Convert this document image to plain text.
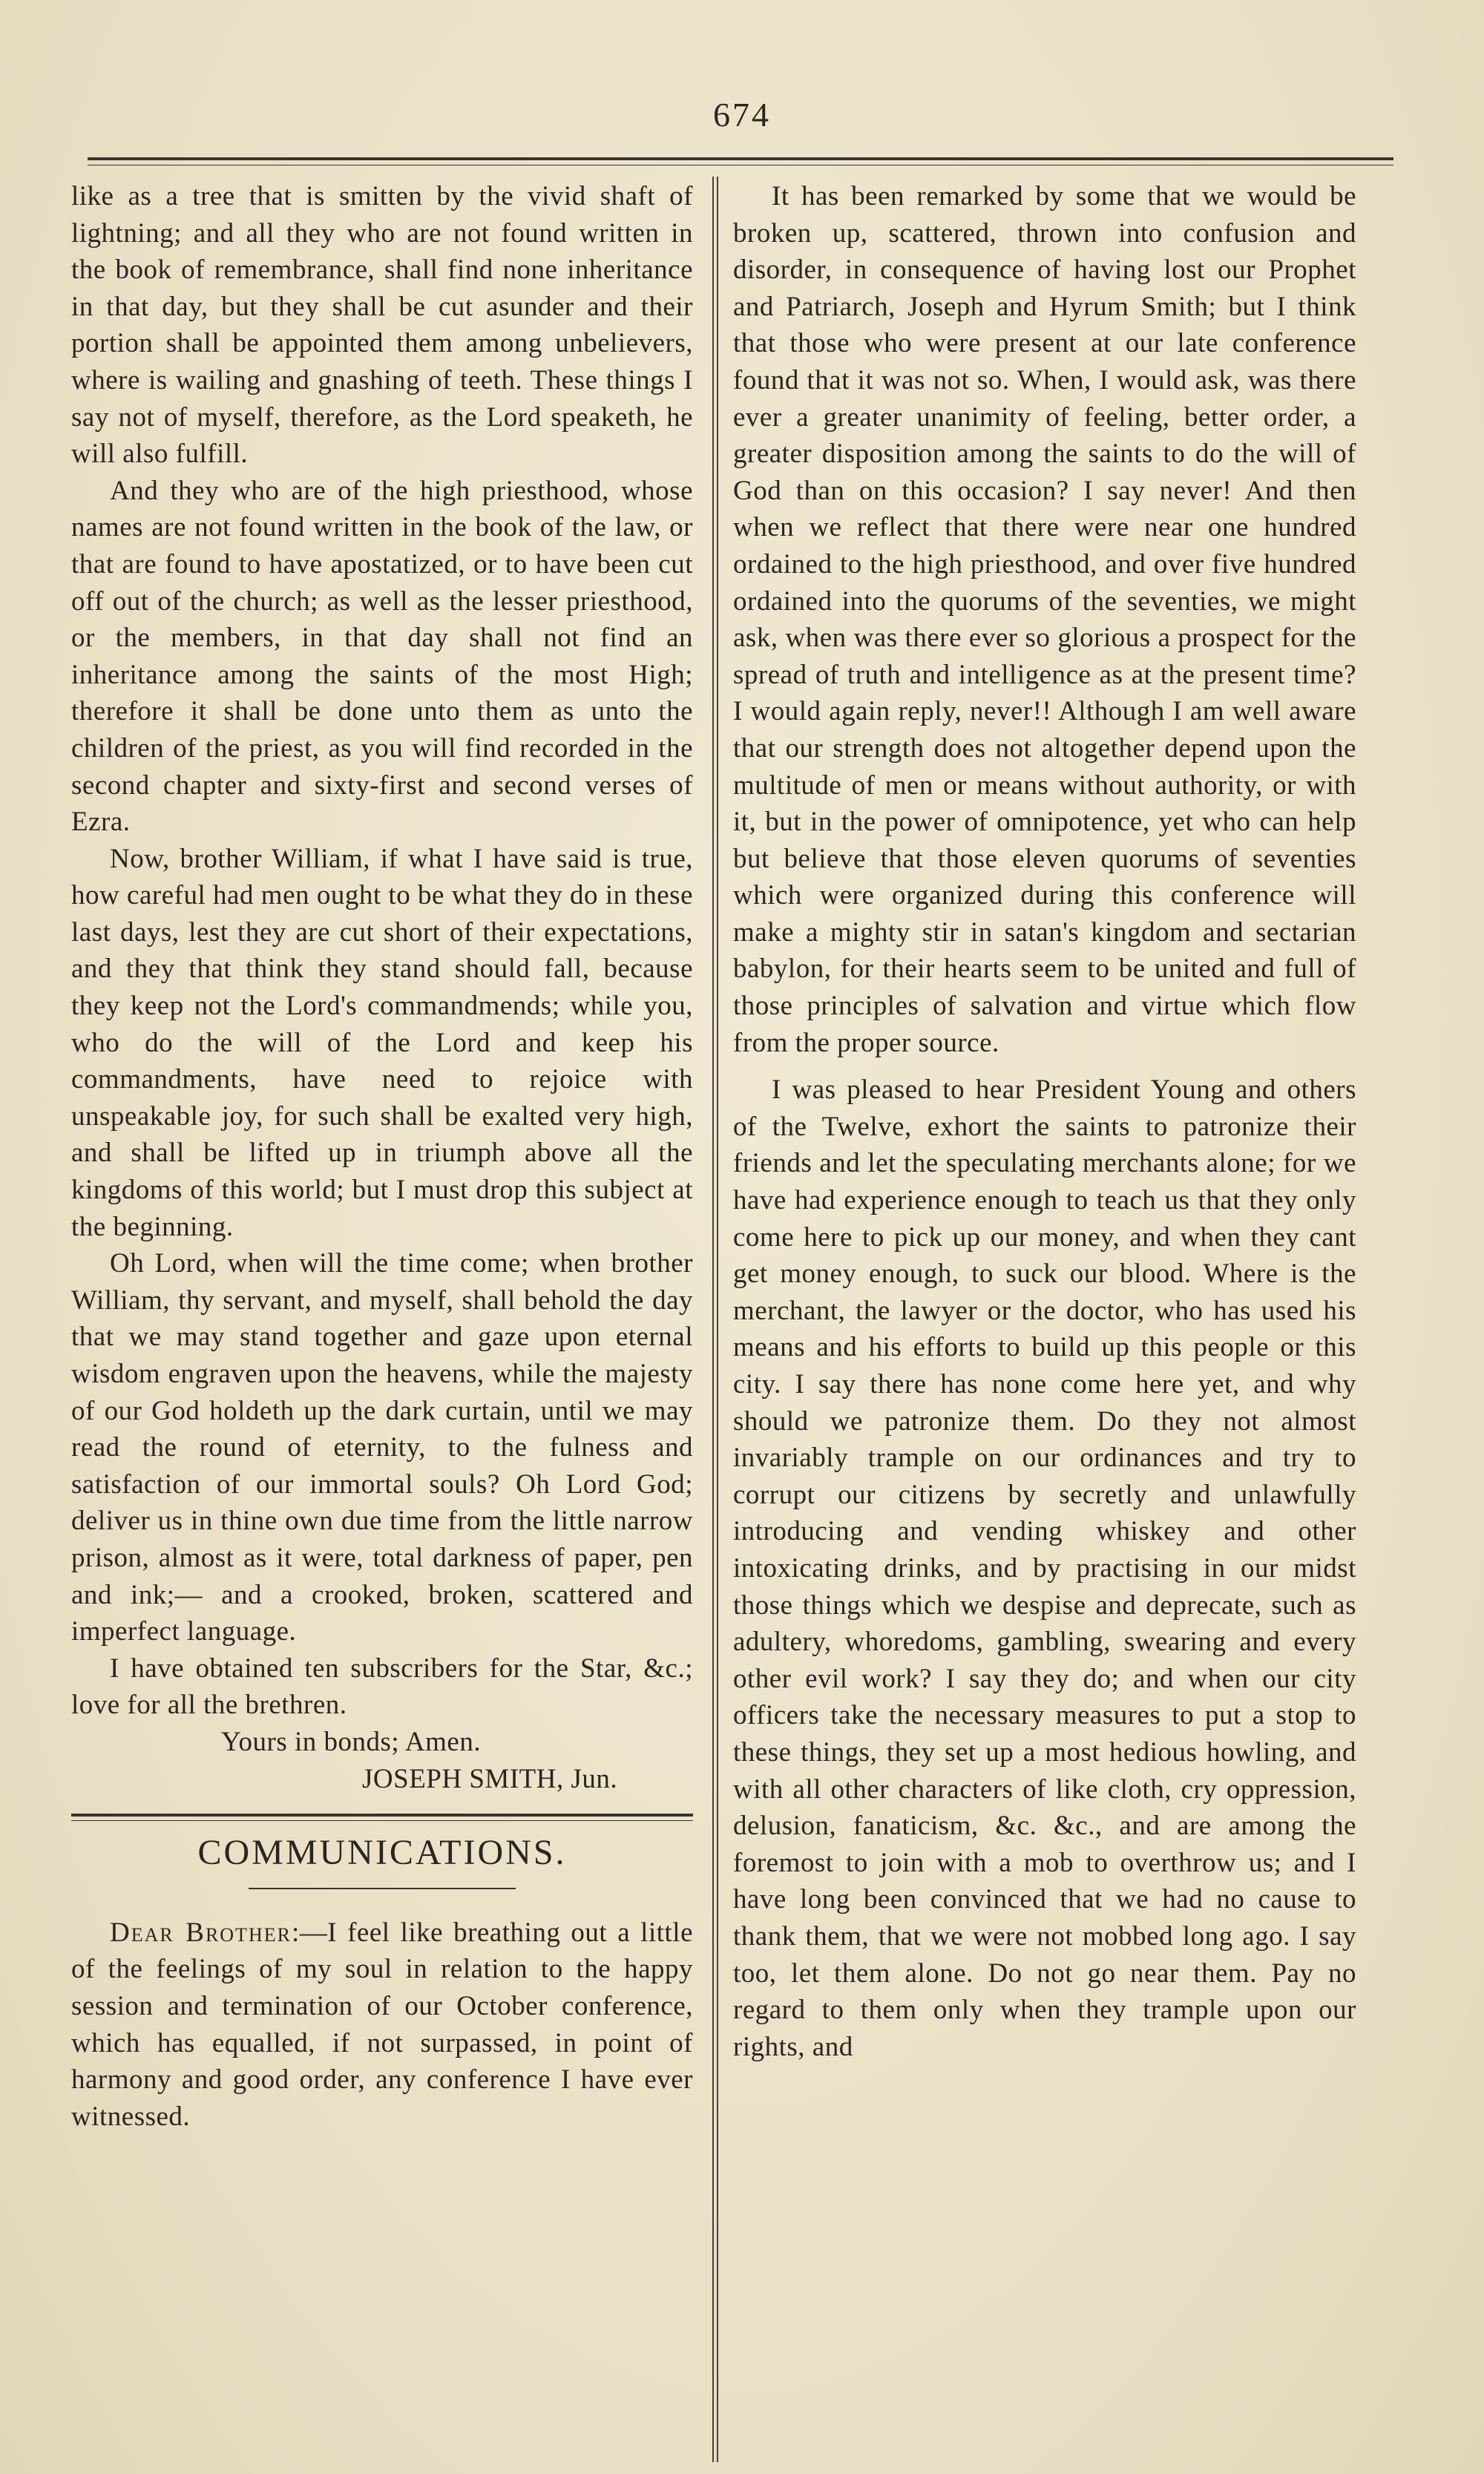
674

like as a tree that is smitten by the vivid shaft of lightning; and all they who are not found written in the book of remembrance, shall find none inheritance in that day, but they shall be cut asunder and their portion shall be appointed them among unbelievers, where is wailing and gnashing of teeth. These things I say not of myself, therefore, as the Lord speaketh, he will also fulfill.

And they who are of the high priesthood, whose names are not found written in the book of the law, or that are found to have apostatized, or to have been cut off out of the church; as well as the lesser priesthood, or the members, in that day shall not find an inheritance among the saints of the most High; therefore it shall be done unto them as unto the children of the priest, as you will find recorded in the second chapter and sixty-first and second verses of Ezra.

Now, brother William, if what I have said is true, how careful had men ought to be what they do in these last days, lest they are cut short of their expectations, and they that think they stand should fall, because they keep not the Lord's commandmends; while you, who do the will of the Lord and keep his commandments, have need to rejoice with unspeakable joy, for such shall be exalted very high, and shall be lifted up in triumph above all the kingdoms of this world; but I must drop this subject at the beginning.

Oh Lord, when will the time come; when brother William, thy servant, and myself, shall behold the day that we may stand together and gaze upon eternal wisdom engraven upon the heavens, while the majesty of our God holdeth up the dark curtain, until we may read the round of eternity, to the fulness and satisfaction of our immortal souls? Oh Lord God; deliver us in thine own due time from the little narrow prison, almost as it were, total darkness of paper, pen and ink;— and a crooked, broken, scattered and imperfect language.

I have obtained ten subscribers for the Star, &c.; love for all the brethren.

Yours in bonds; Amen.

JOSEPH SMITH, Jun.

COMMUNICATIONS.

Dear Brother:—I feel like breathing out a little of the feelings of my soul in relation to the happy session and termination of our October conference, which has equalled, if not surpassed, in point of harmony and good order, any conference I have ever witnessed.

It has been remarked by some that we would be broken up, scattered, thrown into confusion and disorder, in consequence of having lost our Prophet and Patriarch, Joseph and Hyrum Smith; but I think that those who were present at our late conference found that it was not so. When, I would ask, was there ever a greater unanimity of feeling, better order, a greater disposition among the saints to do the will of God than on this occasion? I say never! And then when we reflect that there were near one hundred ordained to the high priesthood, and over five hundred ordained into the quorums of the seventies, we might ask, when was there ever so glorious a prospect for the spread of truth and intelligence as at the present time? I would again reply, never!! Although I am well aware that our strength does not altogether depend upon the multitude of men or means without authority, or with it, but in the power of omnipotence, yet who can help but believe that those eleven quorums of seventies which were organized during this conference will make a mighty stir in satan's kingdom and sectarian babylon, for their hearts seem to be united and full of those principles of salvation and virtue which flow from the proper source.

I was pleased to hear President Young and others of the Twelve, exhort the saints to patronize their friends and let the speculating merchants alone; for we have had experience enough to teach us that they only come here to pick up our money, and when they cant get money enough, to suck our blood. Where is the merchant, the lawyer or the doctor, who has used his means and his efforts to build up this people or this city. I say there has none come here yet, and why should we patronize them. Do they not almost invariably trample on our ordinances and try to corrupt our citizens by secretly and unlawfully introducing and vending whiskey and other intoxicating drinks, and by practising in our midst those things which we despise and deprecate, such as adultery, whoredoms, gambling, swearing and every other evil work? I say they do; and when our city officers take the necessary measures to put a stop to these things, they set up a most hedious howling, and with all other characters of like cloth, cry oppression, delusion, fanaticism, &c. &c., and are among the foremost to join with a mob to overthrow us; and I have long been convinced that we had no cause to thank them, that we were not mobbed long ago. I say too, let them alone. Do not go near them. Pay no regard to them only when they trample upon our rights, and
